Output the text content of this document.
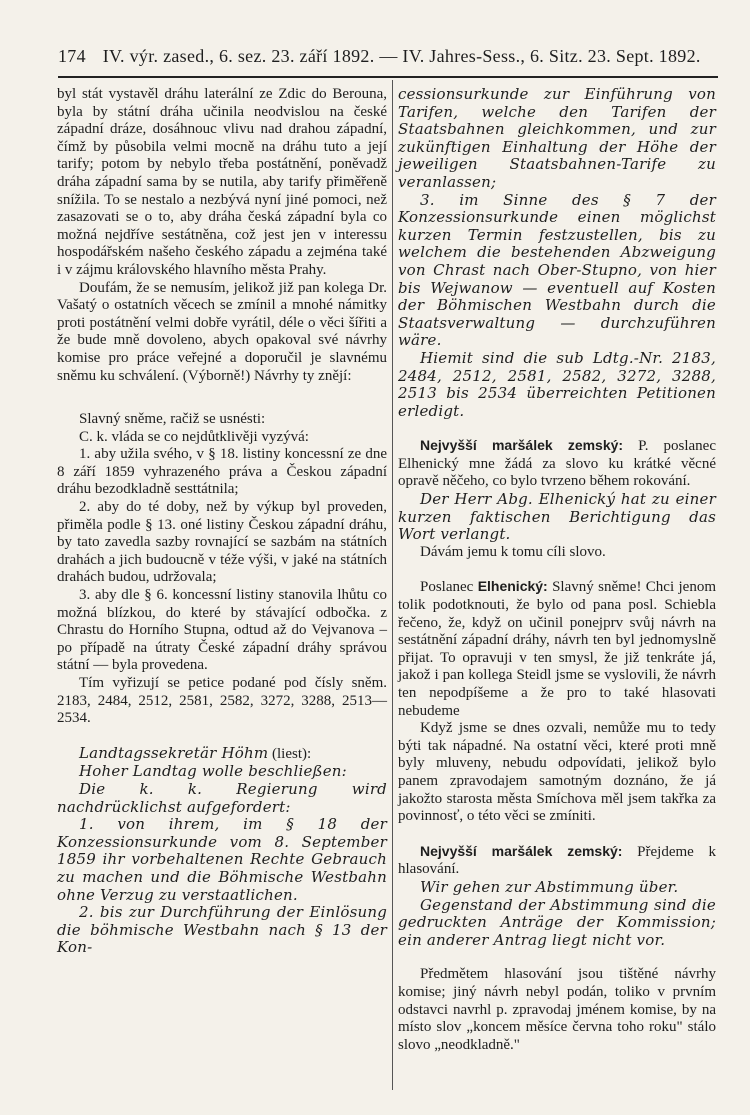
174 IV. výr. zased., 6. sez. 23. září 1892. — IV. Jahres-Sess., 6. Sitz. 23. Sept. 1892.

byl stát vystavěl dráhu laterální ze Zdic do Berouna, byla by státní dráha učinila neodvislou na české západní dráze, dosáhnouc vlivu nad drahou západní, čímž by působila velmi mocně na dráhu tuto a její tarify; potom by nebylo třeba postátnění, poněvadž dráha západní sama by se nutila, aby tarify přiměřeně snížila. To se nestalo a nezbývá nyní jiné pomoci, než zasazovati se o to, aby dráha česká západní byla co možná nejdříve sestátněna, což jest jen v interessu hospodářském našeho českého západu a zejména také i v zájmu královského hlavního města Prahy.

Doufám, že se nemusím, jelikož již pan kolega Dr. Vašatý o ostatních věcech se zmínil a mnohé námitky proti postátnění velmi dobře vyrátil, déle o věci šířiti a že bude mně dovoleno, abych opakoval své návrhy komise pro práce veřejné a doporučil je slavnému sněmu ku schválení. (Výborně!) Návrhy ty znějí:

Slavný sněme, račiž se usnésti:

C. k. vláda se co nejdůtklivěji vyzývá:

1. aby užila svého, v § 18. listiny koncessní ze dne 8 září 1859 vyhrazeného práva a Českou západní dráhu bezodkladně sesttátnila;

2. aby do té doby, než by výkup byl proveden, přiměla podle § 13. oné listiny Českou západní dráhu, by tato zavedla sazby rovnající se sazbám na státních drahách a jich budoucně v téže výši, v jaké na státních drahách budou, udržovala;

3. aby dle § 6. koncessní listiny stanovila lhůtu co možná blízkou, do které by stávající odbočka. z Chrastu do Horního Stupna, odtud až do Vejvanova – po případě na útraty České západní dráhy správou státní — byla provedena.

Tím vyřizují se petice podané pod čísly sněm. 2183, 2484, 2512, 2581, 2582, 3272, 3288, 2513—2534.

Landtagssekretär Höhm (liest):

Hoher Landtag wolle beschließen:

Die k. k. Regierung wird nachdrücklichst aufgefordert:

1. von ihrem, im § 18 der Konzessionsurkunde vom 8. September 1859 ihr vorbehaltenen Rechte Gebrauch zu machen und die Böhmische Westbahn ohne Verzug zu verstaatlichen.

2. bis zur Durchführung der Einlösung die böhmische Westbahn nach § 13 der Kon-

cessionsurkunde zur Einführung von Tarifen, welche den Tarifen der Staatsbahnen gleichkommen, und zur zukünftigen Einhaltung der Höhe der jeweiligen Staatsbahnen-Tarife zu veranlassen;

3. im Sinne des § 7 der Konzessionsurkunde einen möglichst kurzen Termin festzustellen, bis zu welchem die bestehenden Abzweigung von Chrast nach Ober-Stupno, von hier bis Wejwanow — eventuell auf Kosten der Böhmischen Westbahn durch die Staatsverwaltung — durchzuführen wäre.

Hiemit sind die sub Ldtg.-Nr. 2183, 2484, 2512, 2581, 2582, 3272, 3288, 2513 bis 2534 überreichten Petitionen erledigt.

Nejvyšší maršálek zemský: P. poslanec Elhenický mne žádá za slovo ku krátké věcné opravě něčeho, co bylo tvrzeno během rokování.

Der Herr Abg. Elhenický hat zu einer kurzen faktischen Berichtigung das Wort verlangt.

Dávám jemu k tomu cíli slovo.

Poslanec Elhenický: Slavný sněme! Chci jenom tolik podotknouti, že bylo od pana posl. Schiebla řečeno, že, když on učinil ponejprv svůj návrh na sestátnění západní dráhy, návrh ten byl jednomyslně přijat. To opravuji v ten smysl, že již tenkráte já, jakož i pan kollega Steidl jsme se vyslovili, že návrh ten nepodpíšeme a že pro to také hlasovati nebudeme

Když jsme se dnes ozvali, nemůže mu to tedy býti tak nápadné. Na ostatní věci, které proti mně byly mluveny, nebudu odpovídati, jelikož bylo panem zpravodajem samotným doznáno, že já jakožto starosta města Smíchova měl jsem takřka za povinnosť, o této věci se zmíniti.

Nejvyšší maršálek zemský: Přejdeme k hlasování.

Wir gehen zur Abstimmung über.

Gegenstand der Abstimmung sind die gedruckten Anträge der Kommission; ein anderer Antrag liegt nicht vor.

Předmětem hlasování jsou tištěné návrhy komise; jiný návrh nebyl podán, toliko v prvním odstavci navrhl p. zpravodaj jménem komise, by na místo slov „koncem měsíce června toho roku" stálo slovo „neodkladně."
